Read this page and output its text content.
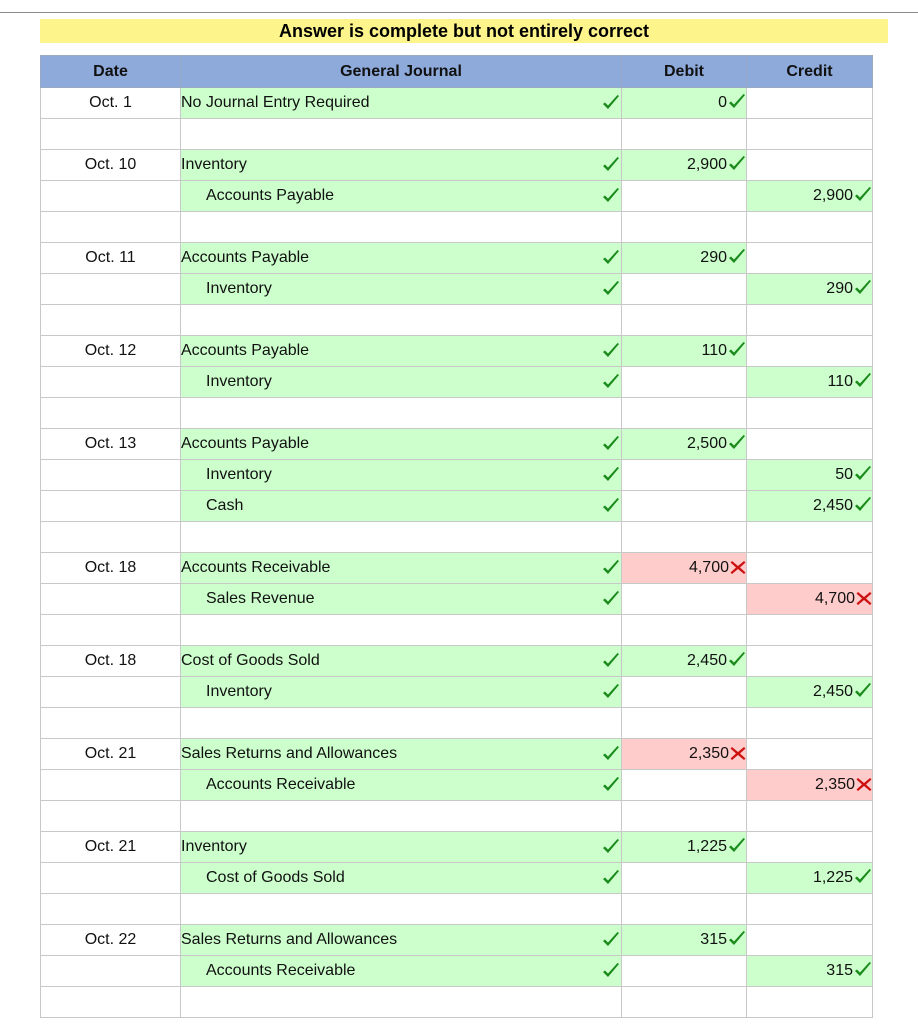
Answer is complete but not entirely correct
Date	General Journal	Debit	Credit
Oct. 1	No Journal Entry Required	0

Oct. 10	Inventory	2,900

	Accounts Payable		2,900

Oct. 11	Accounts Payable	290

	Inventory		290

Oct. 12	Accounts Payable	110

	Inventory		110

Oct. 13	Accounts Payable	2,500

	Inventory		50

	Cash		2,450

Oct. 18	Accounts Receivable	4,700

	Sales Revenue		4,700

Oct. 18	Cost of Goods Sold	2,450

	Inventory		2,450

Oct. 21	Sales Returns and Allowances	2,350

	Accounts Receivable		2,350

Oct. 21	Inventory	1,225

	Cost of Goods Sold		1,225

Oct. 22	Sales Returns and Allowances	315

	Accounts Receivable		315
